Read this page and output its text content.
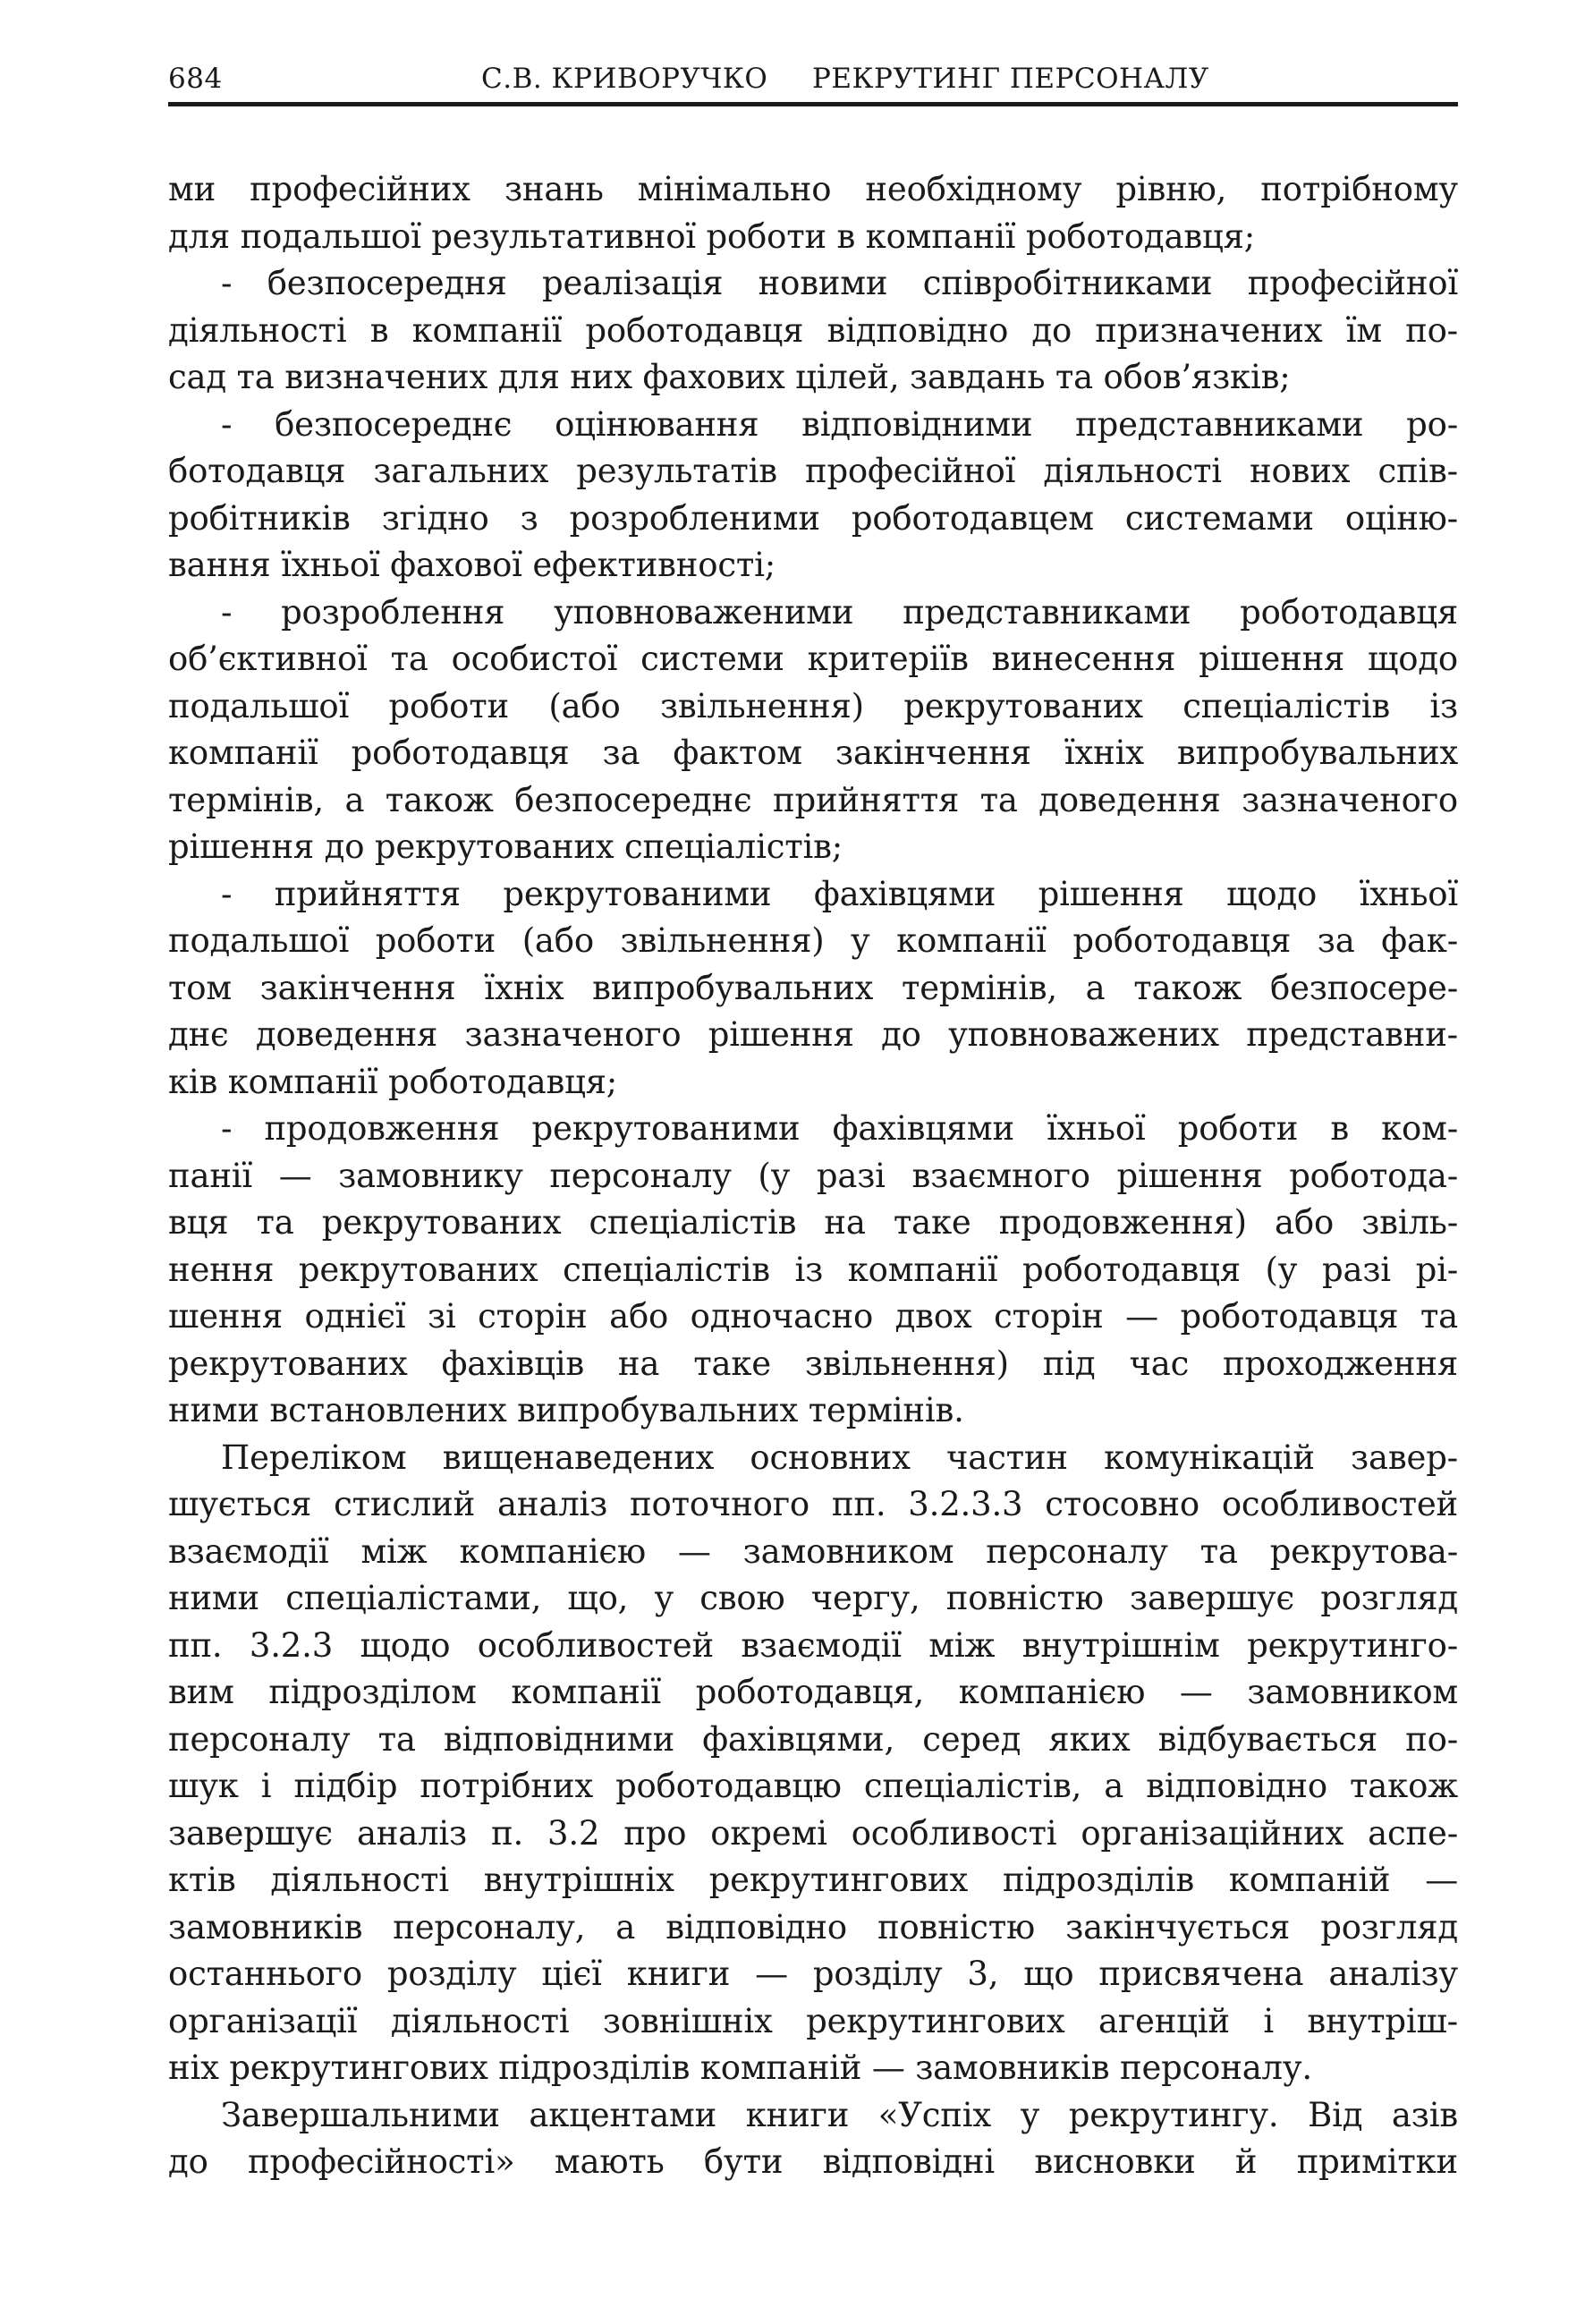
684	С.В. КРИВОРУЧКО РЕКРУТИНГ ПЕРСОНАЛУ
ми професійних знань мінімально необхідному рівню, потрібному
для подальшої результативної роботи в компанії роботодавця;
- безпосередня реалізація новими співробітниками професійної
діяльності в компанії роботодавця відповідно до призначених їм по-
сад та визначених для них фахових цілей, завдань та обов’язків;
- безпосереднє оцінювання відповідними представниками ро-
ботодавця загальних результатів професійної діяльності нових спів-
робітників згідно з розробленими роботодавцем системами оціню-
вання їхньої фахової ефективності;
- розроблення уповноваженими представниками роботодавця
об’єктивної та особистої системи критеріїв винесення рішення щодо
подальшої роботи (або звільнення) рекрутованих спеціалістів із
компанії роботодавця за фактом закінчення їхніх випробувальних
термінів, а також безпосереднє прийняття та доведення зазначеного
рішення до рекрутованих спеціалістів;
- прийняття рекрутованими фахівцями рішення щодо їхньої
подальшої роботи (або звільнення) у компанії роботодавця за фак-
том закінчення їхніх випробувальних термінів, а також безпосере-
днє доведення зазначеного рішення до уповноважених представни-
ків компанії роботодавця;
- продовження рекрутованими фахівцями їхньої роботи в ком-
панії — замовнику персоналу (у разі взаємного рішення роботода-
вця та рекрутованих спеціалістів на таке продовження) або звіль-
нення рекрутованих спеціалістів із компанії роботодавця (у разі рі-
шення однієї зі сторін або одночасно двох сторін — роботодавця та
рекрутованих фахівців на таке звільнення) під час проходження
ними встановлених випробувальних термінів.
Переліком вищенаведених основних частин комунікацій завер-
шується стислий аналіз поточного пп. 3.2.3.3 стосовно особливостей
взаємодії між компанією — замовником персоналу та рекрутова-
ними спеціалістами, що, у свою чергу, повністю завершує розгляд
пп. 3.2.3 щодо особливостей взаємодії між внутрішнім рекрутинго-
вим підрозділом компанії роботодавця, компанією — замовником
персоналу та відповідними фахівцями, серед яких відбувається по-
шук і підбір потрібних роботодавцю спеціалістів, а відповідно також
завершує аналіз п. 3.2 про окремі особливості організаційних аспе-
ктів діяльності внутрішніх рекрутингових підрозділів компаній —
замовників персоналу, а відповідно повністю закінчується розгляд
останнього розділу цієї книги — розділу 3, що присвячена аналізу
організації діяльності зовнішніх рекрутингових агенцій і внутріш-
ніх рекрутингових підрозділів компаній — замовників персоналу.
Завершальними акцентами книги «Успіх у рекрутингу. Від азів
до професійності» мають бути відповідні висновки й примітки
